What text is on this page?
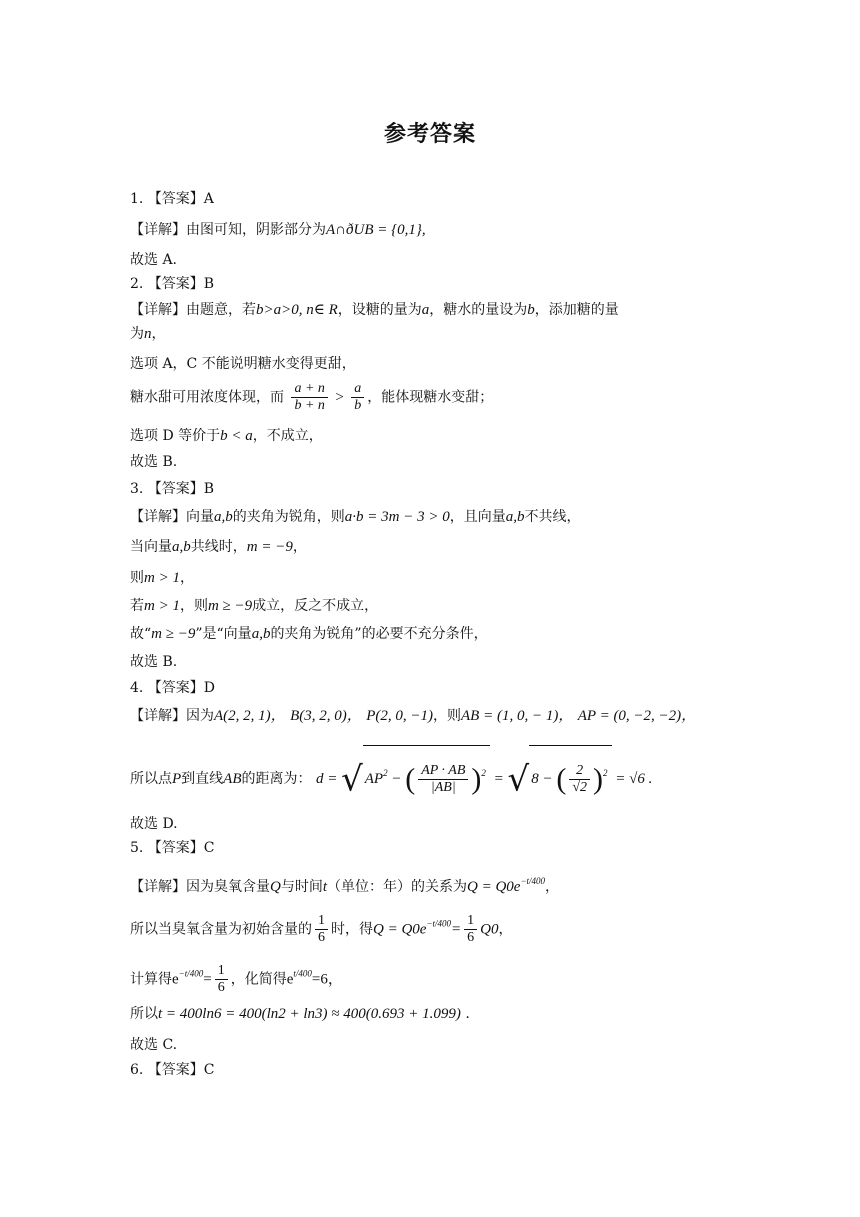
参考答案
1. 【答案】A
【详解】由图可知，阴影部分为A∩ðUB = {0,1},
故选 A.
2. 【答案】B
【详解】由题意，若b>a>0, n∈ R，设糖的量为a，糖水的量设为b，添加糖的量
为n，
选项 A，C 不能说明糖水变得更甜，
糖水甜可用浓度体现，而 $\frac{a + n}{b + n} > \frac{a}{b}$ ，能体现糖水变甜；
选项 D 等价于b < a，不成立，
故选 B.
3. 【答案】B
【详解】向量a,b的夹角为锐角，则a·b = 3m − 3 > 0，且向量a,b不共线，
当向量a,b共线时，m = −9，
则m > 1，
若m > 1，则m ≥ −9成立，反之不成立，
故“m ≥ −9”是“向量a,b的夹角为锐角”的必要不充分条件，
故选 B.
4. 【答案】D
【详解】因为A(2, 2, 1)， B(3, 2, 0)， P(2, 0, −1)，则AB = (1, 0, − 1)， AP = (0, −2, −2)，
所以点P到直线AB的距离为： d = √ $AP^2$ − ( $\frac{AP \cdot AB}{|AB|} )^2$ = √ 8 − ( $\frac{2}{√2} )^2 = √6$ .
故选 D.
5. 【答案】C
【详解】因为臭氧含量Q与时间t（单位：年）的关系为$Q = Q0e^{-t/400}$，
所以当臭氧含量为初始含量的 $\frac{1}{6}$ 时，得$Q = Q0e^{-t/400}= \frac{1}{6} Q0$，
计算得$e^{-t/400}= \frac{1}{6}$ ，化简得$e^{t/400}=6$，
所以t = 400ln6 = 400(ln2 + ln3) ≈ 400(0.693 + 1.099) .
故选 C.
6. 【答案】C
